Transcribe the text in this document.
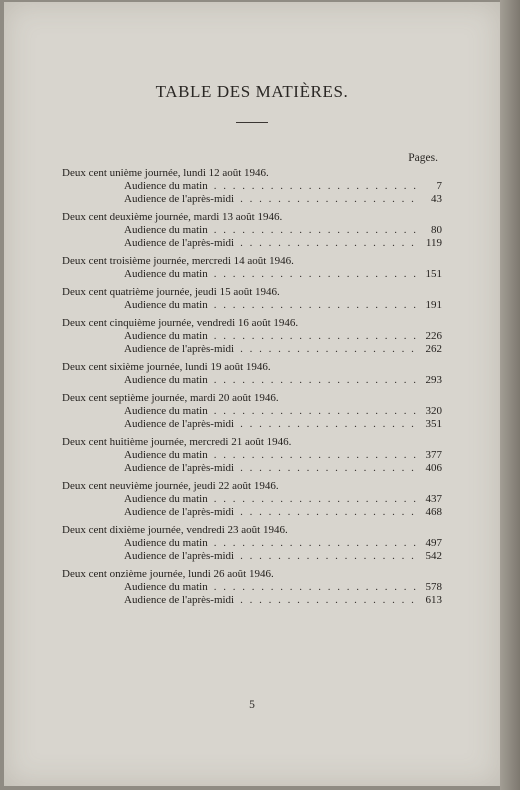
TABLE DES MATIÈRES.
Pages.
Deux cent unième journée, lundi 12 août 1946.
Audience du matin . . .	7
Audience de l'après-midi . . .	43
Deux cent deuxième journée, mardi 13 août 1946.
Audience du matin . . .	80
Audience de l'après-midi . . .	119
Deux cent troisième journée, mercredi 14 août 1946.
Audience du matin . . .	151
Deux cent quatrième journée, jeudi 15 août 1946.
Audience du matin . . .	191
Deux cent cinquième journée, vendredi 16 août 1946.
Audience du matin . . .	226
Audience de l'après-midi . . .	262
Deux cent sixième journée, lundi 19 août 1946.
Audience du matin . . .	293
Deux cent septième journée, mardi 20 août 1946.
Audience du matin . . .	320
Audience de l'après-midi . . .	351
Deux cent huitième journée, mercredi 21 août 1946.
Audience du matin . . .	377
Audience de l'après-midi . . .	406
Deux cent neuvième journée, jeudi 22 août 1946.
Audience du matin . . .	437
Audience de l'après-midi . . .	468
Deux cent dixième journée, vendredi 23 août 1946.
Audience du matin . . .	497
Audience de l'après-midi . . .	542
Deux cent onzième journée, lundi 26 août 1946.
Audience du matin . . .	578
Audience de l'après-midi . . .	613
5
